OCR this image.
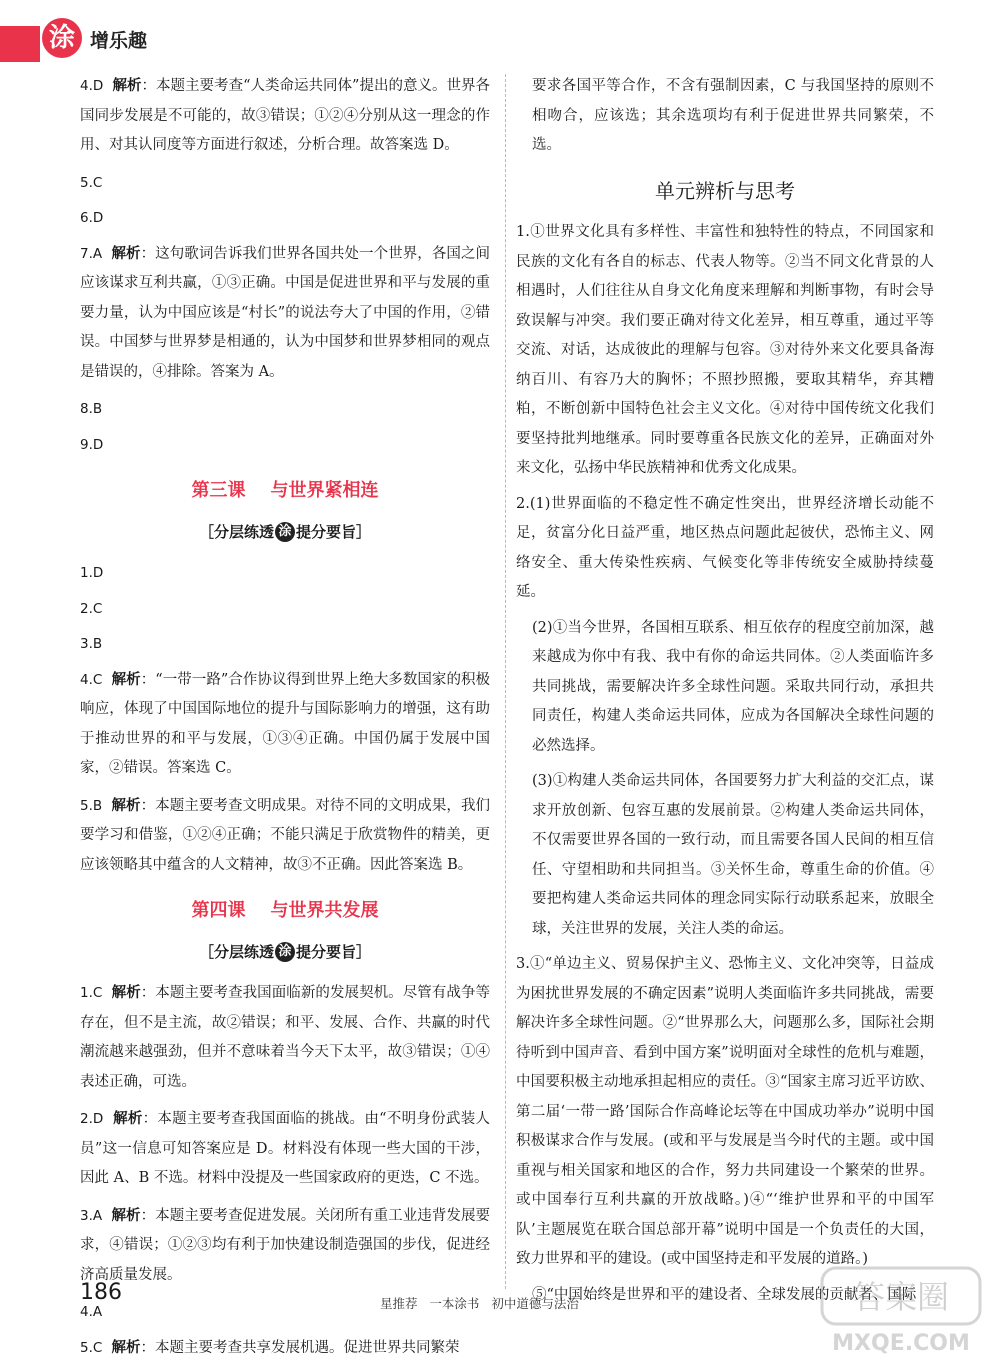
涂 增乐趣
4.D 解析：本题主要考查“人类命运共同体”提出的意义。世界各国同步发展是不可能的，故③错误；①②④分别从这一理念的作用、对其认同度等方面进行叙述，分析合理。故答案选 D。
5.C
6.D
7.A 解析：这句歌词告诉我们世界各国共处一个世界，各国之间应该谋求互利共赢，①③正确。中国是促进世界和平与发展的重要力量，认为中国应该是“村长”的说法夸大了中国的作用，②错误。中国梦与世界梦是相通的，认为中国梦和世界梦相同的观点是错误的，④排除。答案为 A。
8.B
9.D
第三课    与世界紧相连
［分层练透 涂 提分要旨］
1.D
2.C
3.B
4.C 解析：“一带一路”合作协议得到世界上绝大多数国家的积极响应，体现了中国国际地位的提升与国际影响力的增强，这有助于推动世界的和平与发展，①③④正确。中国仍属于发展中国家，②错误。答案选 C。
5.B 解析：本题主要考查文明成果。对待不同的文明成果，我们要学习和借鉴，①②④正确；不能只满足于欣赏物件的精美，更应该领略其中蕴含的人文精神，故③不正确。因此答案选 B。
第四课    与世界共发展
［分层练透 涂 提分要旨］
1.C 解析：本题主要考查我国面临新的发展契机。尽管有战争等存在，但不是主流，故②错误；和平、发展、合作、共赢的时代潮流越来越强劲，但并不意味着当今天下太平，故③错误；①④表述正确，可选。
2.D 解析：本题主要考查我国面临的挑战。由“不明身份武装人员”这一信息可知答案应是 D。材料没有体现一些大国的干涉，因此 A、B 不选。材料中没提及一些国家政府的更迭，C 不选。
3.A 解析：本题主要考查促进发展。关闭所有重工业违背发展要求，④错误；①②③均有利于加快建设制造强国的步伐，促进经济高质量发展。
4.A
5.C 解析：本题主要考查共享发展机遇。促进世界共同繁荣
要求各国平等合作，不含有强制因素，C 与我国坚持的原则不相吻合，应该选；其余选项均有利于促进世界共同繁荣，不选。
单元辨析与思考
1.①世界文化具有多样性、丰富性和独特性的特点，不同国家和民族的文化有各自的标志、代表人物等。②当不同文化背景的人相遇时，人们往往从自身文化角度来理解和判断事物，有时会导致误解与冲突。我们要正确对待文化差异，相互尊重，通过平等交流、对话，达成彼此的理解与包容。③对待外来文化要具备海纳百川、有容乃大的胸怀；不照抄照搬，要取其精华，弃其糟粕，不断创新中国特色社会主义文化。④对待中国传统文化我们要坚持批判地继承。同时要尊重各民族文化的差异，正确面对外来文化，弘扬中华民族精神和优秀文化成果。
2.(1)世界面临的不稳定性不确定性突出，世界经济增长动能不足，贫富分化日益严重，地区热点问题此起彼伏，恐怖主义、网络安全、重大传染性疾病、气候变化等非传统安全威胁持续蔓延。
(2)①当今世界，各国相互联系、相互依存的程度空前加深，越来越成为你中有我、我中有你的命运共同体。②人类面临许多共同挑战，需要解决许多全球性问题。采取共同行动，承担共同责任，构建人类命运共同体，应成为各国解决全球性问题的必然选择。
(3)①构建人类命运共同体，各国要努力扩大利益的交汇点，谋求开放创新、包容互惠的发展前景。②构建人类命运共同体，不仅需要世界各国的一致行动，而且需要各国人民间的相互信任、守望相助和共同担当。③关怀生命，尊重生命的价值。④要把构建人类命运共同体的理念同实际行动联系起来，放眼全球，关注世界的发展，关注人类的命运。
3.①“单边主义、贸易保护主义、恐怖主义、文化冲突等，日益成为困扰世界发展的不确定因素”说明人类面临许多共同挑战，需要解决许多全球性问题。②“世界那么大，问题那么多，国际社会期待听到中国声音、看到中国方案”说明面对全球性的危机与难题，中国要积极主动地承担起相应的责任。③“国家主席习近平访欧、第二届‘一带一路’国际合作高峰论坛等在中国成功举办”说明中国积极谋求合作与发展。(或和平与发展是当今时代的主题。或中国重视与相关国家和地区的合作，努力共同建设一个繁荣的世界。或中国奉行互利共赢的开放战略。)④“‘维护世界和平的中国军队’主题展览在联合国总部开幕”说明中国是一个负责任的大国，致力世界和平的建设。(或中国坚持走和平发展的道路。)
⑤“中国始终是世界和平的建设者、全球发展的贡献者、国际
186	星推荐   一本涂书   初中道德与法治	答案圈
MXQE.COM
